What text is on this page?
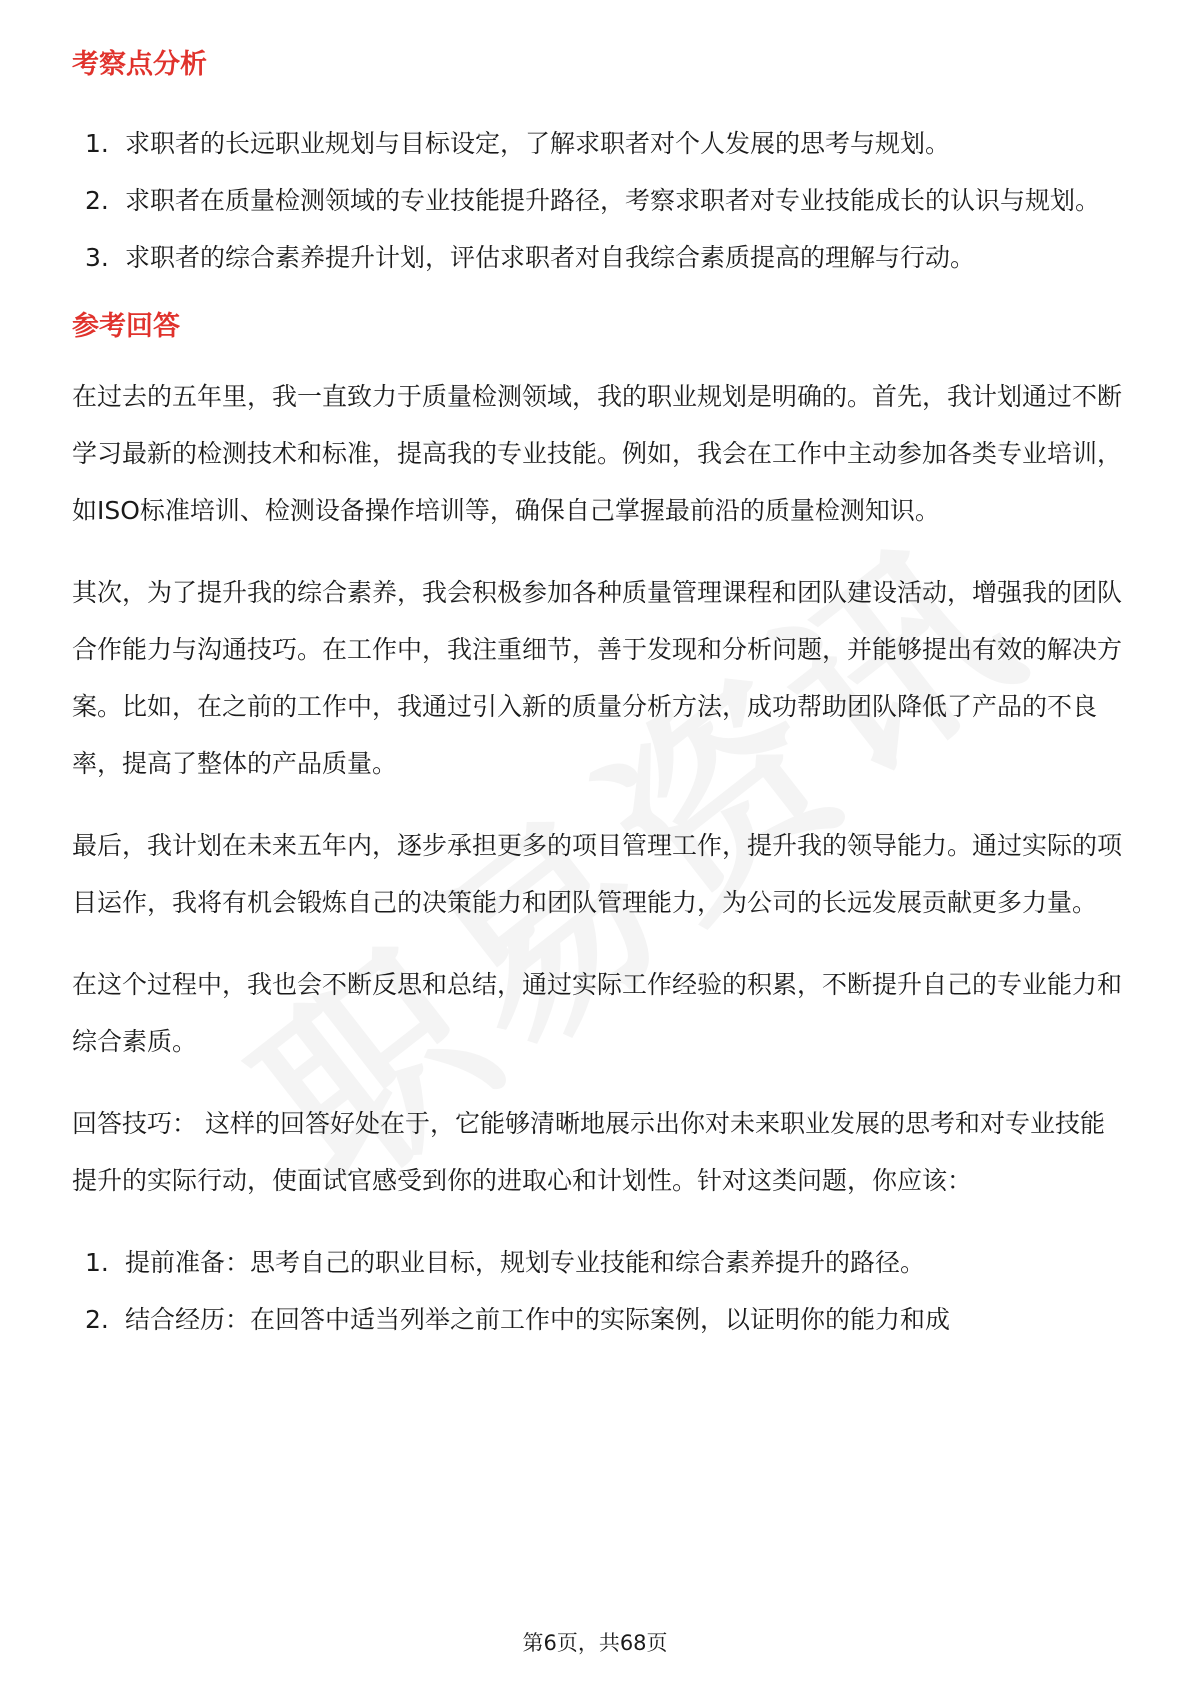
考察点分析
1. 求职者的长远职业规划与目标设定，了解求职者对个人发展的思考与规划。
2. 求职者在质量检测领域的专业技能提升路径，考察求职者对专业技能成长的认识与规划。
3. 求职者的综合素养提升计划，评估求职者对自我综合素质提高的理解与行动。
参考回答

在过去的五年里，我一直致力于质量检测领域，我的职业规划是明确的。首先，我计划通过不断学习最新的检测技术和标准，提高我的专业技能。例如，我会在工作中主动参加各类专业培训，如ISO标准培训、检测设备操作培训等，确保自己掌握最前沿的质量检测知识。

其次，为了提升我的综合素养，我会积极参加各种质量管理课程和团队建设活动，增强我的团队合作能力与沟通技巧。在工作中，我注重细节，善于发现和分析问题，并能够提出有效的解决方案。比如，在之前的工作中，我通过引入新的质量分析方法，成功帮助团队降低了产品的不良率，提高了整体的产品质量。

最后，我计划在未来五年内，逐步承担更多的项目管理工作，提升我的领导能力。通过实际的项目运作，我将有机会锻炼自己的决策能力和团队管理能力，为公司的长远发展贡献更多力量。

在这个过程中，我也会不断反思和总结，通过实际工作经验的积累，不断提升自己的专业能力和综合素质。

回答技巧： 这样的回答好处在于，它能够清晰地展示出你对未来职业发展的思考和对专业技能提升的实际行动，使面试官感受到你的进取心和计划性。针对这类问题，你应该：

1. 提前准备：思考自己的职业目标，规划专业技能和综合素养提升的路径。
2. 结合经历：在回答中适当列举之前工作中的实际案例，以证明你的能力和成
第6页，共68页
